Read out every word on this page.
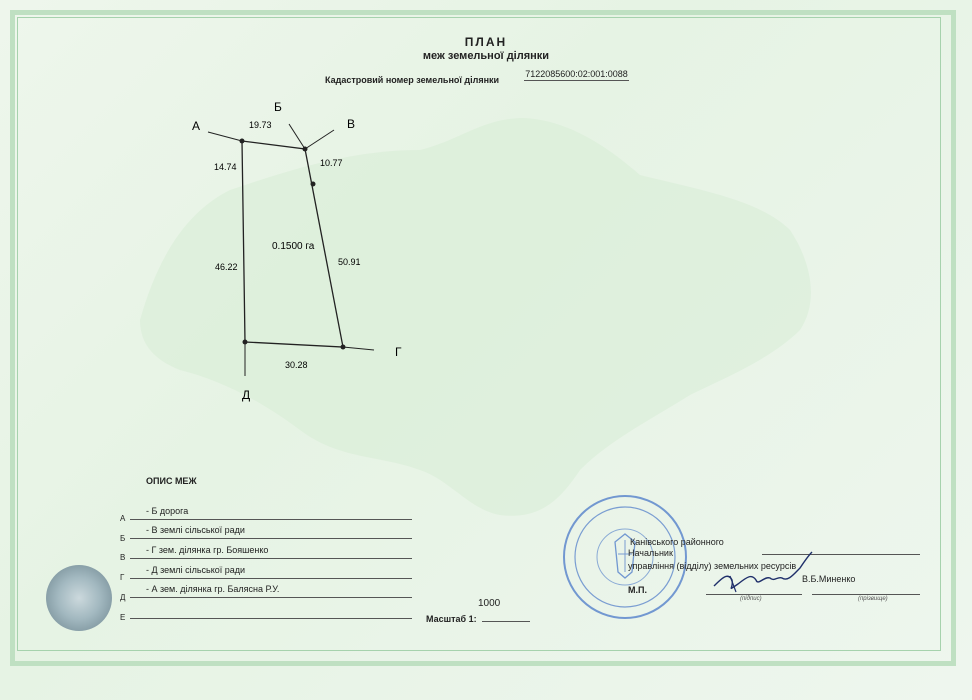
ПЛАН
меж земельної ділянки
Кадастровий номер земельної ділянки
7122085600:02:001:0088
А
Б
В
Г
Д
19.73
10.77
14.74
50.91
46.22
30.28
0.1500 га
ОПИС МЕЖ
А
- Б дорога
Б
- В землі сільської ради
В
- Г зем. ділянка гр. Бояшенко
Г
- Д землі сільської ради
Д
- А зем. ділянка гр. Балясна Р.У.
Е
1000
Масштаб 1:
Канівського районного
Начальник
управління (відділу) земельних ресурсів
В.Б.Миненко
М.П.
(підпис)	(прізвище)
